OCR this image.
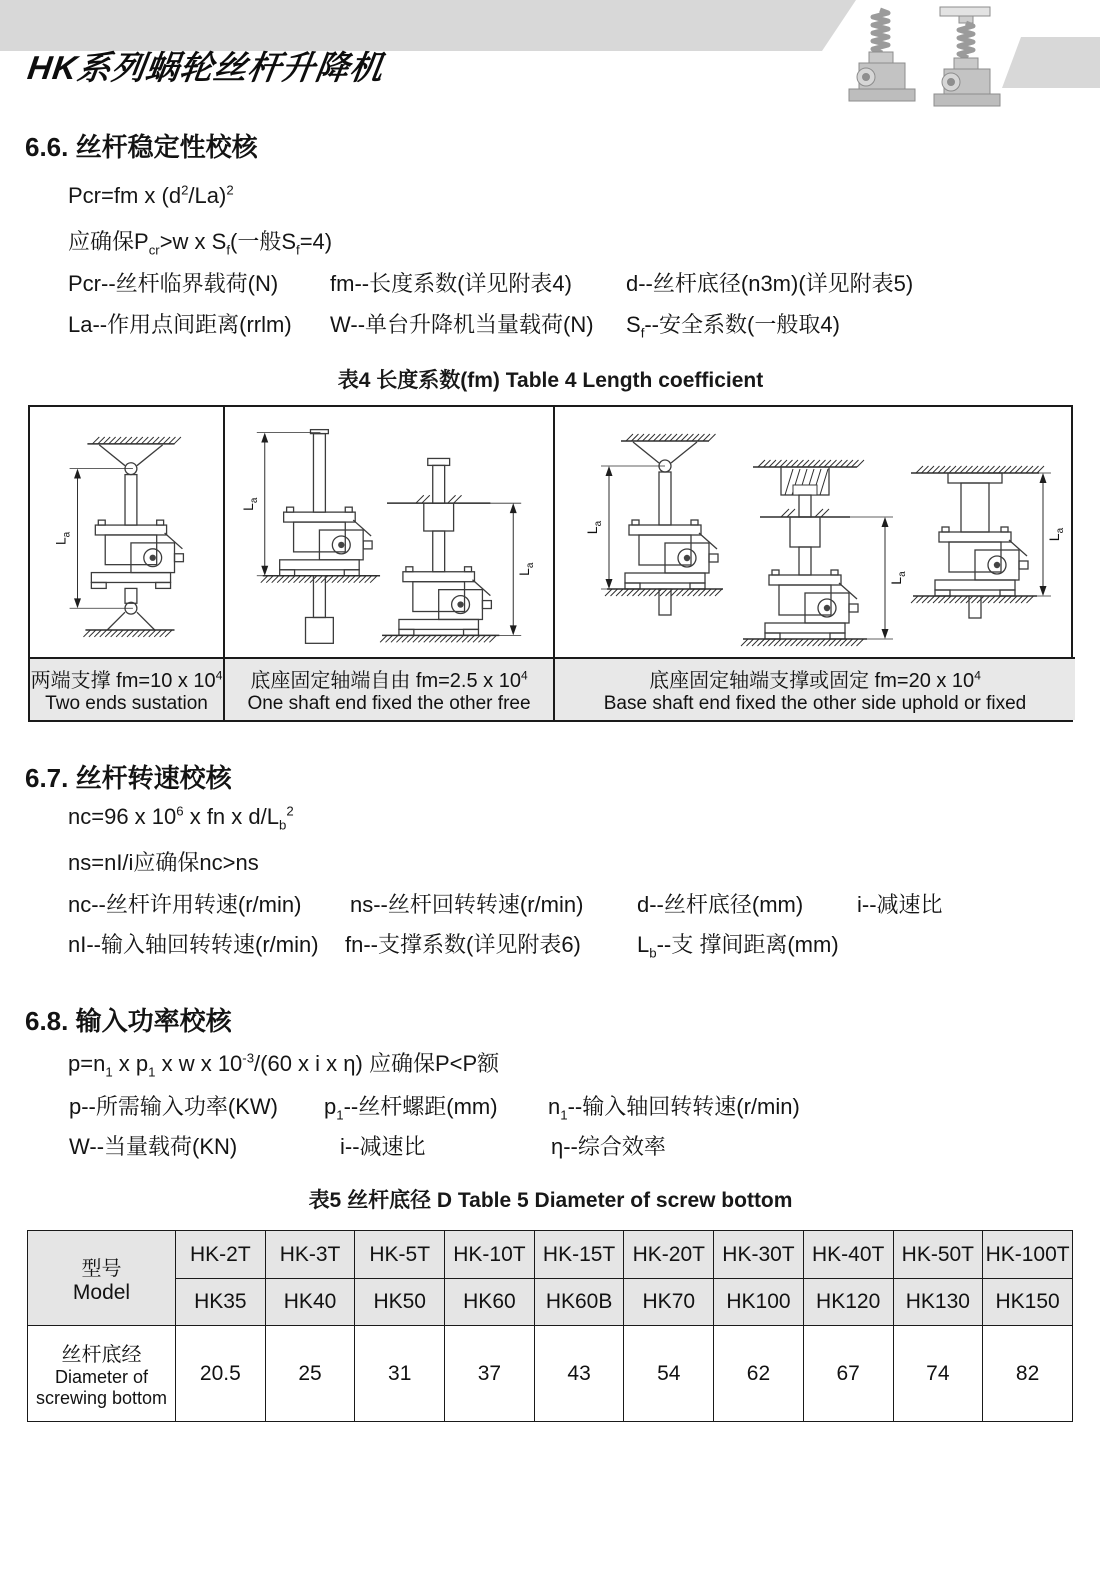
HK系列蜗轮丝杆升降机
6.6. 丝杆稳定性校核
Pcr=fm x $(d^2/La)^2$
应确保$P_{cr}>w$ x $S_f$(一般$S_f=4$)
Pcr--丝杆临界载荷(N) fm--长度系数(详见附表4) d--丝杆底径(n3m)(详见附表5)
La--作用点间距离(rrlm) W--单台升降机当量载荷(N) $S_f--$安全系数(一般取4)
表4 长度系数(fm) Table 4 Length coefficient
$L_a$
$L_a$
$L_a$
$L_a$
$L_a$
$L_a$
两端支撑 fm=10 x $10^4$
Two ends sustation
底座固定轴端自由 fm=2.5 x $10^4$
One shaft end fixed the other free
底座固定轴端支撑或固定 fm=20 x $10^4$
Base shaft end fixed the other side uphold or fixed
6.7. 丝杆转速校核
nc=96 x $10^6$ x fn x $d/L_b^2$
ns=nI/i应确保nc>ns
nc--丝杆许用转速(r/min) ns--丝杆回转转速(r/min) d--丝杆底径(mm) i--减速比
nI--输入轴回转转速(r/min) fn--支撑系数(详见附表6)	$L_b--$支 撑间距离(mm)
6.8. 输入功率校核
$p=n_1$ x $p_1$ x w x $10^{-3}/(60$ x i x η) 应确保P<P额
p--所需输入功率(KW) $p_1--$丝杆螺距(mm) $n_1--$输入轴回转转速(r/min)
W--当量载荷(KN)	i--减速比	η--综合效率
表5 丝杆底径 D Table 5 Diameter of screw bottom
型号
Model	HK-2T	HK-3T	HK-5T	HK-10T	HK-15T	HK-20T	HK-30T	HK-40T	HK-50T	HK-100T
	HK35	HK40	HK50	HK60	HK60B	HK70	HK100	HK120	HK130	HK150

丝杆底经
Diameter of
screwing bottom	20.5	25	31	37	43	54	62	67	74	82
